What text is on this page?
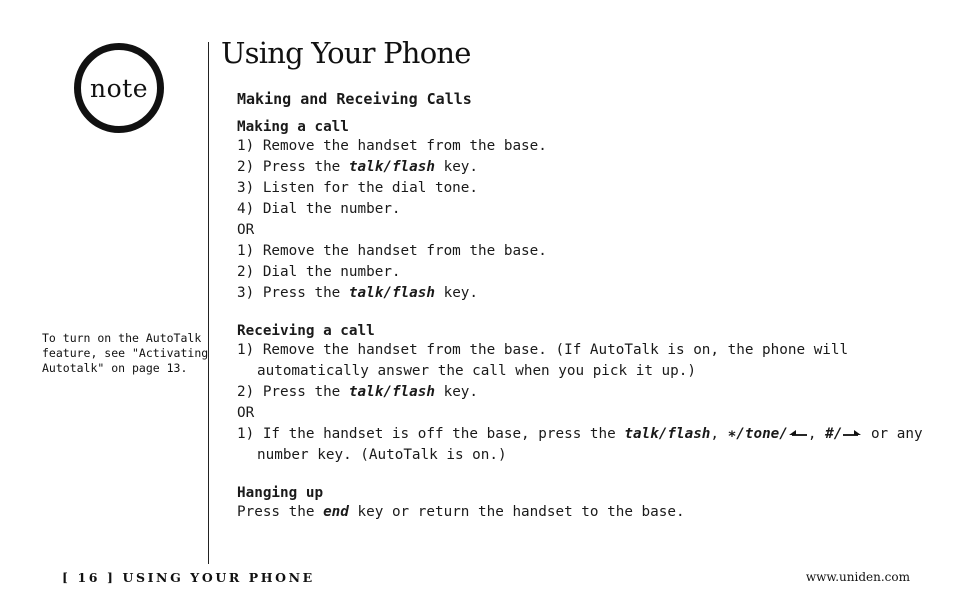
note
Using Your Phone
To turn on the AutoTalk
feature, see "Activating
Autotalk" on page 13.
Making and Receiving Calls
Making a call
1) Remove the handset from the base.
2) Press the talk/flash key.
3) Listen for the dial tone.
4) Dial the number.
OR
1) Remove the handset from the base.
2) Dial the number.
3) Press the talk/flash key.
Receiving a call
1) Remove the handset from the base. (If AutoTalk is on, the phone will
automatically answer the call when you pick it up.)
2) Press the talk/flash key.
OR
1) If the handset is off the base, press the talk/flash, ∗/tone/ , #/ or any
number key. (AutoTalk is on.)
Hanging up
Press the end key or return the handset to the base.
[ 16 ] USING YOUR PHONE	www.uniden.com
